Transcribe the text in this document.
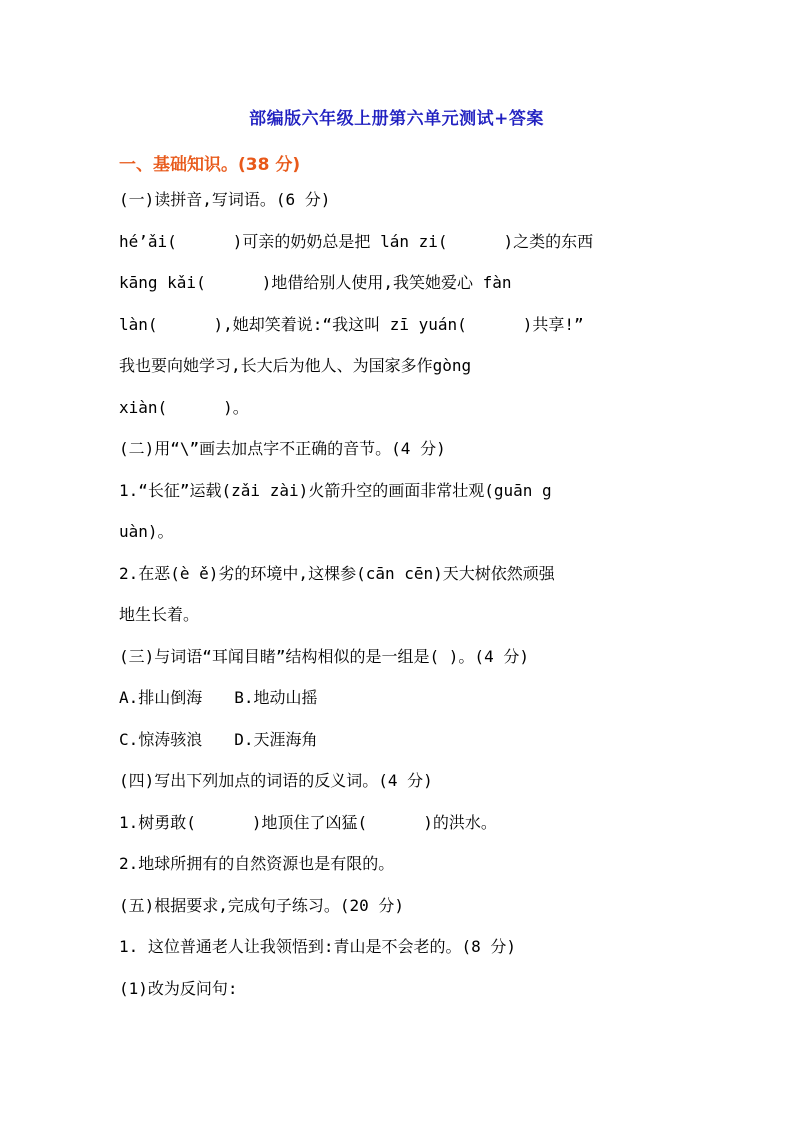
部编版六年级上册第六单元测试+答案
一、基础知识。(38 分)
(一)读拼音,写词语。(6 分)
hé’ǎi(	)可亲的奶奶总是把 lán zi(	)之类的东西
kāng kǎi(	)地借给别人使用,我笑她爱心 fàn
làn(	),她却笑着说:“我这叫 zī yuán(	)共享!”
我也要向她学习,长大后为他人、为国家多作gòng
xiàn(	)。
(二)用“\”画去加点字不正确的音节。(4 分)
1.“长征”运载(zǎi zài)火箭升空的画面非常壮观(guān g
uàn)。
2.在恶(è ě)劣的环境中,这棵参(cān cēn)天大树依然顽强
地生长着。
(三)与词语“耳闻目睹”结构相似的是一组是( )。(4 分)
A.排山倒海 B.地动山摇
C.惊涛骇浪 D.天涯海角
(四)写出下列加点的词语的反义词。(4 分)
1.树勇敢(	)地顶住了凶猛(	)的洪水。
2.地球所拥有的自然资源也是有限的。
(五)根据要求,完成句子练习。(20 分)
1. 这位普通老人让我领悟到:青山是不会老的。(8 分)
(1)改为反问句:
